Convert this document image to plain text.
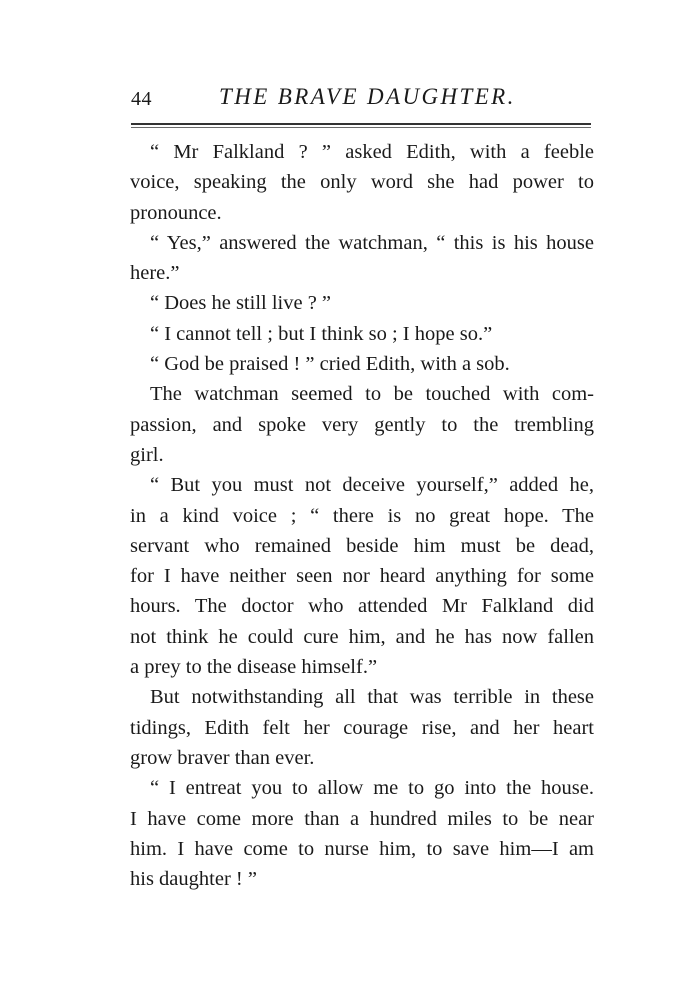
44	THE BRAVE DAUGHTER.
“ Mr Falkland ? ” asked Edith, with a feeble
voice, speaking the only word she had power to
pronounce.
“ Yes,” answered the watchman, “ this is his house
here.”
“ Does he still live ? ”
“ I cannot tell ; but I think so ; I hope so.”
“ God be praised ! ” cried Edith, with a sob.
The watchman seemed to be touched with com-
passion, and spoke very gently to the trembling
girl.
“ But you must not deceive yourself,” added he,
in a kind voice ; “ there is no great hope. The
servant who remained beside him must be dead,
for I have neither seen nor heard anything for some
hours. The doctor who attended Mr Falkland did
not think he could cure him, and he has now fallen
a prey to the disease himself.”
But notwithstanding all that was terrible in these
tidings, Edith felt her courage rise, and her heart
grow braver than ever.
“ I entreat you to allow me to go into the house.
I have come more than a hundred miles to be near
him. I have come to nurse him, to save him—I am
his daughter ! ”
